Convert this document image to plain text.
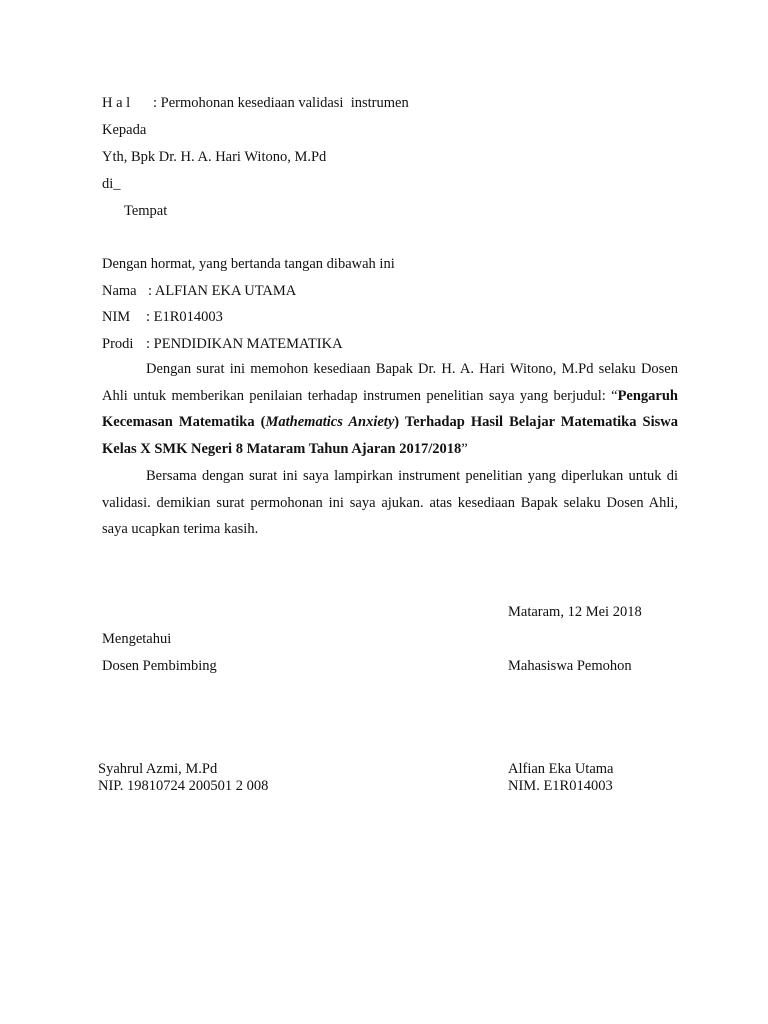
H a l : Permohonan kesediaan validasi  instrumen
Kepada
Yth, Bpk Dr. H. A. Hari Witono, M.Pd
di_
Tempat
Dengan hormat, yang bertanda tangan dibawah ini
Nama : ALFIAN EKA UTAMA
NIM : E1R014003
Prodi : PENDIDIKAN MATEMATIKA
Dengan surat ini memohon kesediaan Bapak Dr. H. A. Hari Witono, M.Pd selaku Dosen Ahli untuk memberikan penilaian terhadap instrumen penelitian saya yang berjudul: “Pengaruh Kecemasan Matematika (Mathematics Anxiety) Terhadap Hasil Belajar Matematika Siswa Kelas X SMK Negeri 8 Mataram Tahun Ajaran 2017/2018”
Bersama dengan surat ini saya lampirkan instrument penelitian yang diperlukan untuk di validasi. demikian surat permohonan ini saya ajukan. atas kesediaan Bapak selaku Dosen Ahli, saya ucapkan terima kasih.
Mataram, 12 Mei 2018
Mengetahui
Dosen Pembimbing	Mahasiswa Pemohon
Syahrul Azmi, M.Pd
NIP. 19810724 200501 2 008
Alfian Eka Utama
NIM. E1R014003
